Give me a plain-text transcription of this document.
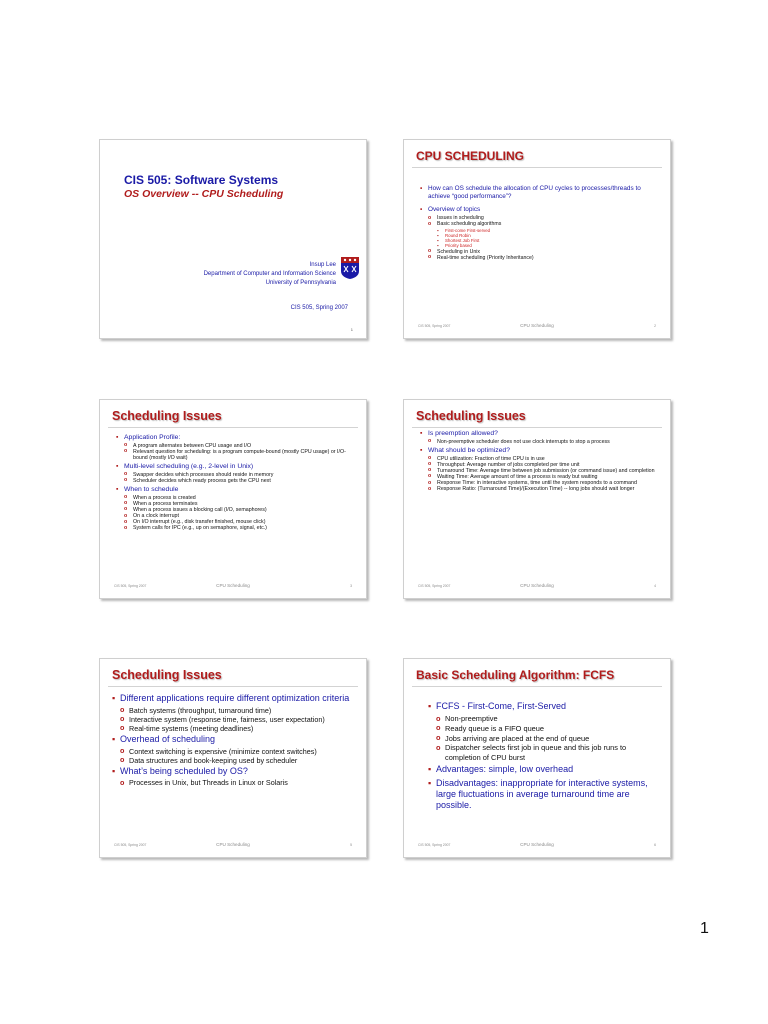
CIS 505: Software Systems
OS Overview -- CPU Scheduling
Insup Lee
Department of Computer and Information Science
University of Pennsylvania
CIS 505, Spring 2007
1
CPU SCHEDULING
▪ How can OS schedule the allocation of CPU cycles to processes/threads to achieve “good performance”?
▪ Overview of topics
o Issues in scheduling
o Basic scheduling algorithms
▪ First-come First-served
▪ Round Robin
▪ Shortest Job First
▪ Priority based
o Scheduling in Unix
o Real-time scheduling (Priority Inheritance)
CIS 505, Spring 2007	CPU Scheduling	2
Scheduling Issues
▪ Application Profile:
o A program alternates between CPU usage and I/O
o Relevant question for scheduling: is a program compute-bound (mostly CPU usage) or I/O-bound (mostly I/O wait)
▪ Multi-level scheduling (e.g., 2-level in Unix)
o Swapper decides which processes should reside in memory
o Scheduler decides which ready process gets the CPU next
▪ When to schedule
o When a process is created
o When a process terminates
o When a process issues a blocking call (I/O, semaphores)
o On a clock interrupt
o On I/O interrupt (e.g., disk transfer finished, mouse click)
o System calls for IPC (e.g., up on semaphore, signal, etc.)
CIS 505, Spring 2007	CPU Scheduling	3
Scheduling Issues
▪ Is preemption allowed?
o Non-preemptive scheduler does not use clock interrupts to stop a process
▪ What should be optimized?
o CPU utilization: Fraction of time CPU is in use
o Throughput: Average number of jobs completed per time unit
o Turnaround Time: Average time between job submission (or command issue) and completion
o Waiting Time: Average amount of time a process is ready but waiting
o Response Time: in interactive systems, time until the system responds to a command
o Response Ratio: (Turnaround Time)/(Execution Time) -- long jobs should wait longer
CIS 505, Spring 2007	CPU Scheduling	4
Scheduling Issues
▪ Different applications require different optimization criteria
o Batch systems (throughput, turnaround time)
o Interactive system (response time, fairness, user expectation)
o Real-time systems (meeting deadlines)
▪ Overhead of scheduling
o Context switching is expensive (minimize context switches)
o Data structures and book-keeping used by scheduler
▪ What’s being scheduled by OS?
o Processes in Unix, but Threads in Linux or Solaris
CIS 505, Spring 2007	CPU Scheduling	5
Basic Scheduling Algorithm: FCFS
▪ FCFS - First-Come, First-Served
o Non-preemptive
o Ready queue is a FIFO queue
o Jobs arriving are placed at the end of queue
o Dispatcher selects first job in queue and this job runs to completion of CPU burst
▪ Advantages: simple, low overhead
▪ Disadvantages: inappropriate for interactive systems, large fluctuations in average turnaround time are possible.
CIS 505, Spring 2007	CPU Scheduling	6
1
